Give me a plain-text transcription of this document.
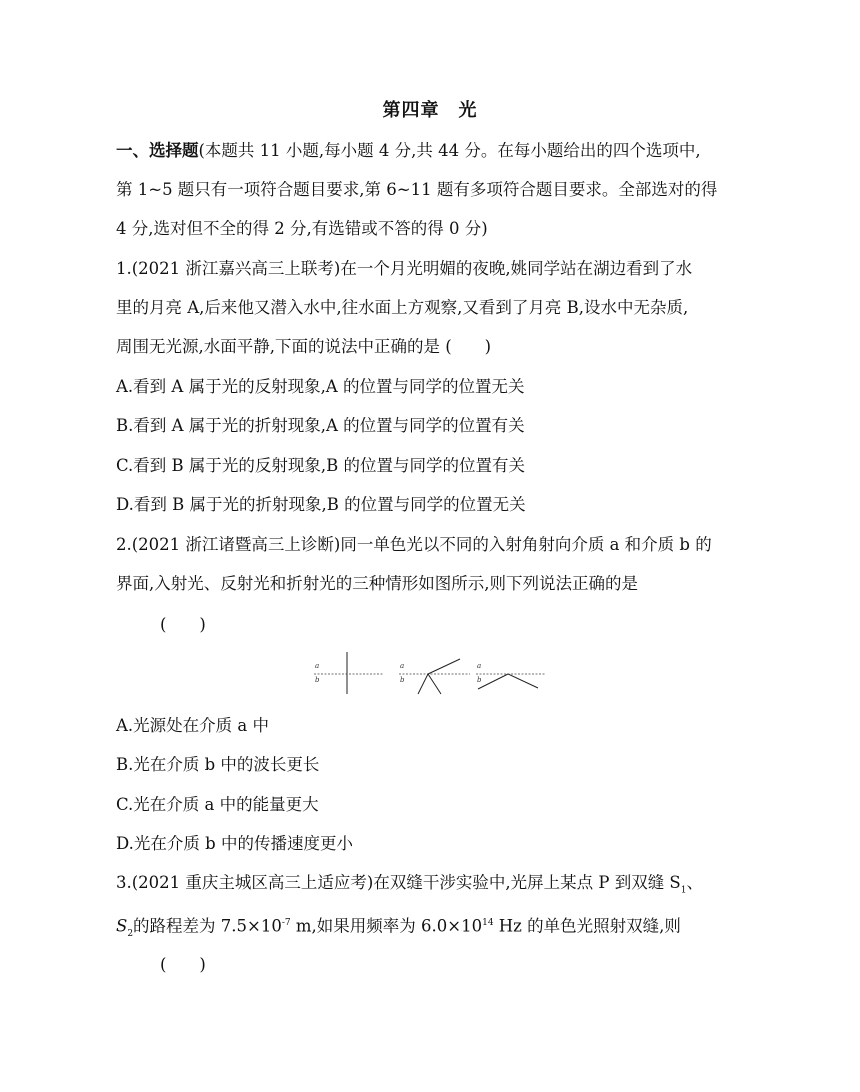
第四章　光
一、选择题(本题共 11 小题,每小题 4 分,共 44 分。在每小题给出的四个选项中,
第 1~5 题只有一项符合题目要求,第 6~11 题有多项符合题目要求。全部选对的得
4 分,选对但不全的得 2 分,有选错或不答的得 0 分)
1.(2021 浙江嘉兴高三上联考)在一个月光明媚的夜晚,姚同学站在湖边看到了水
里的月亮 A,后来他又潜入水中,往水面上方观察,又看到了月亮 B,设水中无杂质,
周围无光源,水面平静,下面的说法中正确的是 (　　)
A.看到 A 属于光的反射现象,A 的位置与同学的位置无关
B.看到 A 属于光的折射现象,A 的位置与同学的位置有关
C.看到 B 属于光的反射现象,B 的位置与同学的位置有关
D.看到 B 属于光的折射现象,B 的位置与同学的位置无关
2.(2021 浙江诸暨高三上诊断)同一单色光以不同的入射角射向介质 a 和介质 b 的
界面,入射光、反射光和折射光的三种情形如图所示,则下列说法正确的是
(　　)
a
b
a
b
a
b
A.光源处在介质 a 中
B.光在介质 b 中的波长更长
C.光在介质 a 中的能量更大
D.光在介质 b 中的传播速度更小
3.(2021 重庆主城区高三上适应考)在双缝干涉实验中,光屏上某点 P 到双缝 $S_1$、
$S_2$的路程差为 $7.5\times 10^{-7}$ m,如果用频率为 $6.0\times 10^{14}$ Hz 的单色光照射双缝,则
(　　)
